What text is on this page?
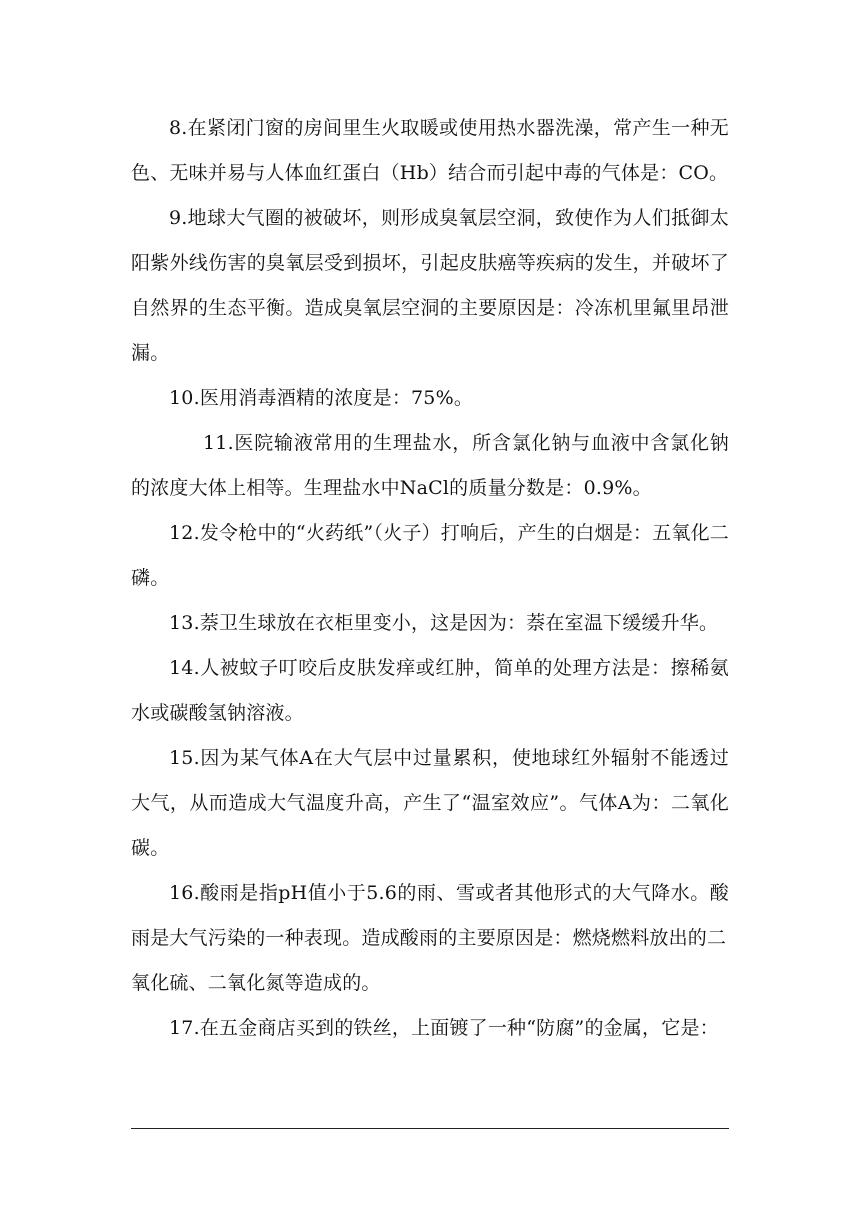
8.在紧闭门窗的房间里生火取暖或使用热水器洗澡，常产生一种无色、无味并易与人体血红蛋白（Hb）结合而引起中毒的气体是：CO。

9.地球大气圈的被破坏，则形成臭氧层空洞，致使作为人们抵御太阳紫外线伤害的臭氧层受到损坏，引起皮肤癌等疾病的发生，并破坏了自然界的生态平衡。造成臭氧层空洞的主要原因是：冷冻机里氟里昂泄漏。

10.医用消毒酒精的浓度是：75%。

11.医院输液常用的生理盐水，所含氯化钠与血液中含氯化钠的浓度大体上相等。生理盐水中NaCl的质量分数是：0.9%。

12.发令枪中的“火药纸”（火子）打响后，产生的白烟是：五氧化二磷。

13.萘卫生球放在衣柜里变小，这是因为：萘在室温下缓缓升华。

14.人被蚊子叮咬后皮肤发痒或红肿，简单的处理方法是：擦稀氨水或碳酸氢钠溶液。

15.因为某气体A在大气层中过量累积，使地球红外辐射不能透过大气，从而造成大气温度升高，产生了“温室效应”。气体A为：二氧化碳。

16.酸雨是指pH值小于5.6的雨、雪或者其他形式的大气降水。酸雨是大气污染的一种表现。造成酸雨的主要原因是：燃烧燃料放出的二

氧化硫、二氧化氮等造成的。

17.在五金商店买到的铁丝，上面镀了一种“防腐”的金属，它是：
